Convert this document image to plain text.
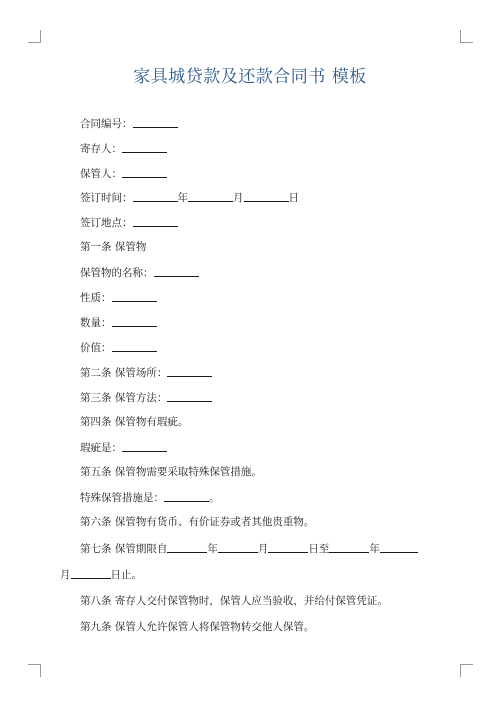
家具城贷款及还款合同书 模板
合同编号：
寄存人：
保管人：
签订时间：	年	月	日
签订地点：
第一条 保管物
保管物的名称：
性质：
数量：
价值：
第二条 保管场所：
第三条 保管方法：
第四条 保管物有瑕疵。
瑕疵是：
第五条 保管物需要采取特殊保管措施。
特殊保管措施是：	。
第六条 保管物有货币、有价证券或者其他贵重物。
第七条 保管期限自	年	月	日至	年
月	日止。
第八条 寄存人交付保管物时，保管人应当验收，并给付保管凭证。
第九条 保管人允许保管人将保管物转交他人保管。
